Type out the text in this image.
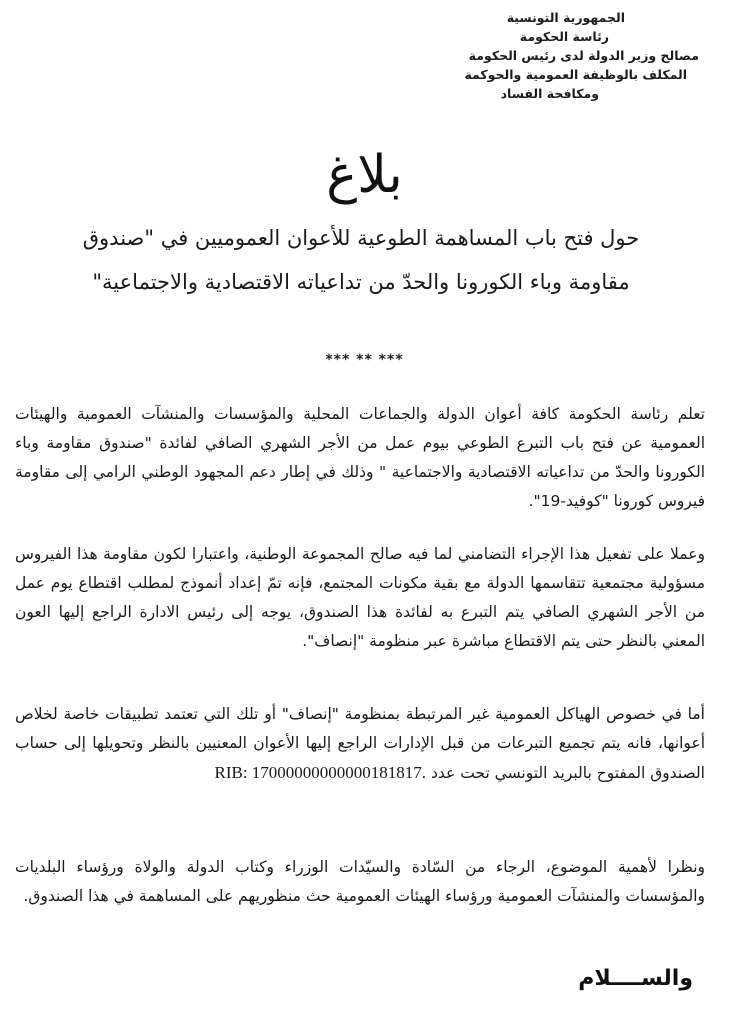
الجمهورية التونسية
رئاسة الحكومة
مصالح وزير الدولة لدى رئيس الحكومة
المكلف بالوظيفة العمومية والحوكمة
ومكافحة الفساد
بلاغ
حول فتح باب المساهمة الطوعية للأعوان العموميين في "صندوق
مقاومة وباء الكورونا والحدّ من تداعياته الاقتصادية والاجتماعية"
*** ** ***
تعلم رئاسة الحكومة كافة أعوان الدولة والجماعات المحلية والمؤسسات والمنشآت العمومية والهيئات العمومية عن فتح باب التبرع الطوعي بيوم عمل من الأجر الشهري الصافي لفائدة "صندوق مقاومة وباء الكورونا والحدّ من تداعياته الاقتصادية والاجتماعية " وذلك في إطار دعم المجهود الوطني الرامي إلى مقاومة فيروس كورونا "كوفيد-19".
وعملا على تفعيل هذا الإجراء التضامني لما فيه صالح المجموعة الوطنية، واعتبارا لكون مقاومة هذا الفيروس مسؤولية مجتمعية تتقاسمها الدولة مع بقية مكونات المجتمع، فإنه تمّ إعداد أنموذج لمطلب اقتطاع يوم عمل من الأجر الشهري الصافي يتم التبرع به لفائدة هذا الصندوق، يوجه إلى رئيس الادارة الراجع إليها العون المعني بالنظر حتى يتم الاقتطاع مباشرة عبر منظومة "إنصاف".
أما في خصوص الهياكل العمومية غير المرتبطة بمنظومة "إنصاف" أو تلك التي تعتمد تطبيقات خاصة لخلاص أعوانها، فانه يتم تجميع التبرعات من قبل الإدارات الراجع إليها الأعوان المعنيين بالنظر وتحويلها إلى حساب الصندوق المفتوح بالبريد التونسي تحت عدد RIB: 17000000000000181817.
ونظرا لأهمية الموضوع، الرجاء من السّادة والسيّدات الوزراء وكتاب الدولة والولاة ورؤساء البلديات والمؤسسات والمنشآت العمومية ورؤساء الهيئات العمومية حث منظوريهم على المساهمة في هذا الصندوق.
والســــلام
